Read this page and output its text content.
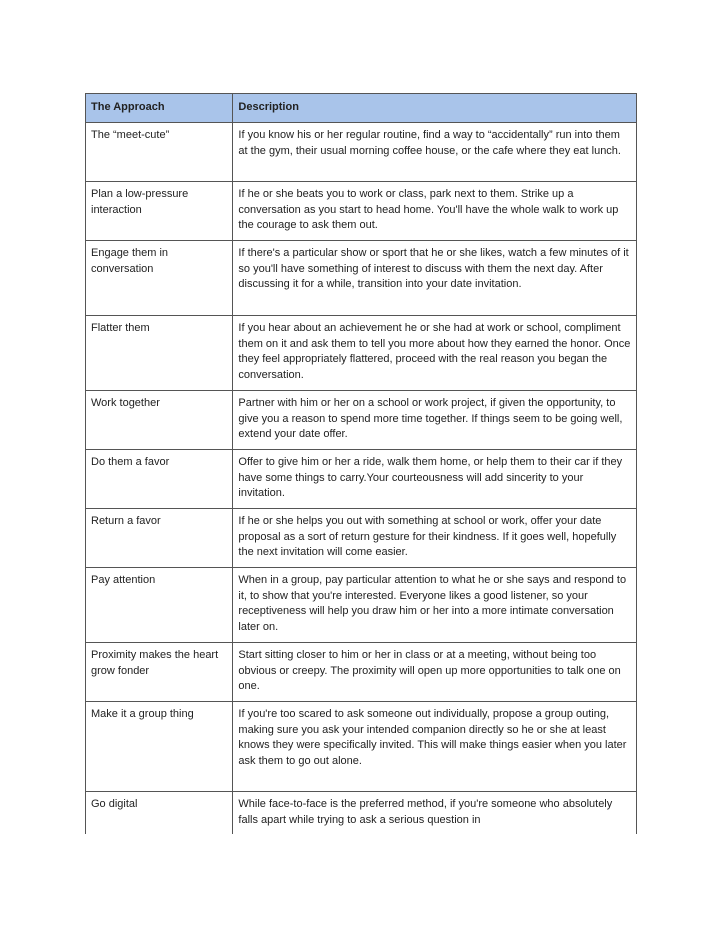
The Approach	Description
The “meet-cute”	If you know his or her regular routine, find a way to “accidentally” run into them at the gym, their usual morning coffee house, or the cafe where they eat lunch.
Plan a low-pressure interaction	If he or she beats you to work or class, park next to them. Strike up a conversation as you start to head home. You'll have the whole walk to work up the courage to ask them out.
Engage them in conversation	If there's a particular show or sport that he or she likes, watch a few minutes of it so you'll have something of interest to discuss with them the next day. After discussing it for a while, transition into your date invitation.
Flatter them	If you hear about an achievement he or she had at work or school, compliment them on it and ask them to tell you more about how they earned the honor. Once they feel appropriately flattered, proceed with the real reason you began the conversation.
Work together	Partner with him or her on a school or work project, if given the opportunity, to give you a reason to spend more time together. If things seem to be going well, extend your date offer.
Do them a favor	Offer to give him or her a ride, walk them home, or help them to their car if they have some things to carry.Your courteousness will add sincerity to your invitation.
Return a favor	If he or she helps you out with something at school or work, offer your date proposal as a sort of return gesture for their kindness. If it goes well, hopefully the next invitation will come easier.
Pay attention	When in a group, pay particular attention to what he or she says and respond to it, to show that you're interested. Everyone likes a good listener, so your receptiveness will help you draw him or her into a more intimate conversation later on.
Proximity makes the heart grow fonder	Start sitting closer to him or her in class or at a meeting, without being too obvious or creepy. The proximity will open up more opportunities to talk one on one.
Make it a group thing	If you're too scared to ask someone out individually, propose a group outing, making sure you ask your intended companion directly so he or she at least knows they were specifically invited. This will make things easier when you later ask them to go out alone.
Go digital	While face-to-face is the preferred method, if you're someone who absolutely falls apart while trying to ask a serious question in
